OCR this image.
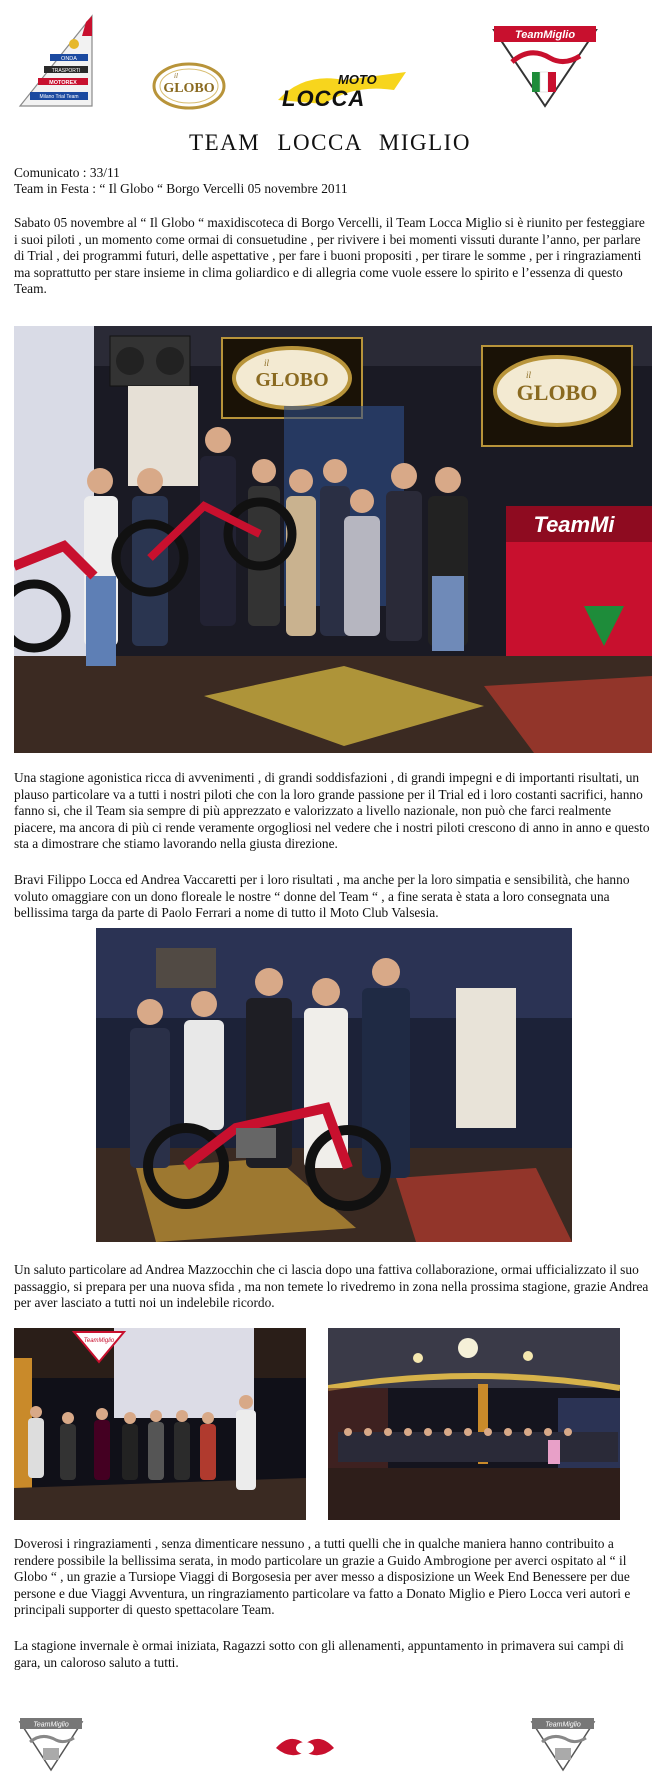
ONDA
TRASPORTI
MOTOREX
Milano Trial Team
il
GLOBO
MOTO
LOCCA
TeamMiglio
TEAM LOCCA MIGLIO
Comunicato : 33/11
Team in Festa : “ Il Globo “ Borgo Vercelli 05 novembre 2011

Sabato 05 novembre al “ Il Globo “ maxidiscoteca di Borgo Vercelli, il Team Locca Miglio si è riunito per festeggiare i suoi piloti , un momento come ormai di consuetudine , per rivivere i bei momenti vissuti durante l’anno, per parlare di Trial , dei programmi futuri, delle aspettative , per fare i buoni propositi , per tirare le somme , per i ringraziamenti ma soprattutto per stare insieme in clima goliardico e di allegria come vuole essere lo spirito e l’essenza di questo Team.

il
GLOBO	il
GLOBO
TeamMi

Una stagione agonistica ricca di avvenimenti , di grandi soddisfazioni , di grandi impegni e di importanti risultati, un plauso particolare va a tutti i nostri piloti che con la loro grande passione per il Trial ed i loro costanti sacrifici, hanno fanno si, che il Team sia sempre di più apprezzato e valorizzato a livello nazionale, non può che farci realmente piacere, ma ancora di più ci rende veramente orgogliosi nel vedere che i nostri piloti crescono di anno in anno e questo sta a dimostrare che stiamo lavorando nella giusta direzione.

Bravi Filippo Locca ed Andrea Vaccaretti per i loro risultati , ma anche per la loro simpatia e sensibilità, che hanno voluto omaggiare con un dono floreale le nostre “ donne del Team “ , a fine serata è stata a loro consegnata una bellissima targa da parte di Paolo Ferrari a nome di tutto il Moto Club Valsesia.

Un saluto particolare ad Andrea Mazzocchin che ci lascia dopo una fattiva collaborazione, ormai ufficializzato il suo passaggio, si prepara per una nuova sfida , ma non temete lo rivedremo in zona nella prossima stagione, grazie Andrea per aver lasciato a tutti noi un indelebile ricordo.

TeamMiglio

Doverosi i ringraziamenti , senza dimenticare nessuno , a tutti quelli che in qualche maniera hanno contribuito a rendere possibile la bellissima serata, in modo particolare un grazie a Guido Ambrogione per averci ospitato al “ il Globo “ , un grazie a Tursiope Viaggi di Borgosesia per aver messo a disposizione un Week End Benessere per due persone e due Viaggi Avventura, un ringraziamento particolare va fatto a Donato Miglio e Piero Locca veri autori e principali supporter di questo spettacolare Team.

La stagione invernale è ormai iniziata, Ragazzi sotto con gli allenamenti, appuntamento in primavera sui campi di gara, un caloroso saluto a tutti.

TeamMiglio	TeamMiglio
